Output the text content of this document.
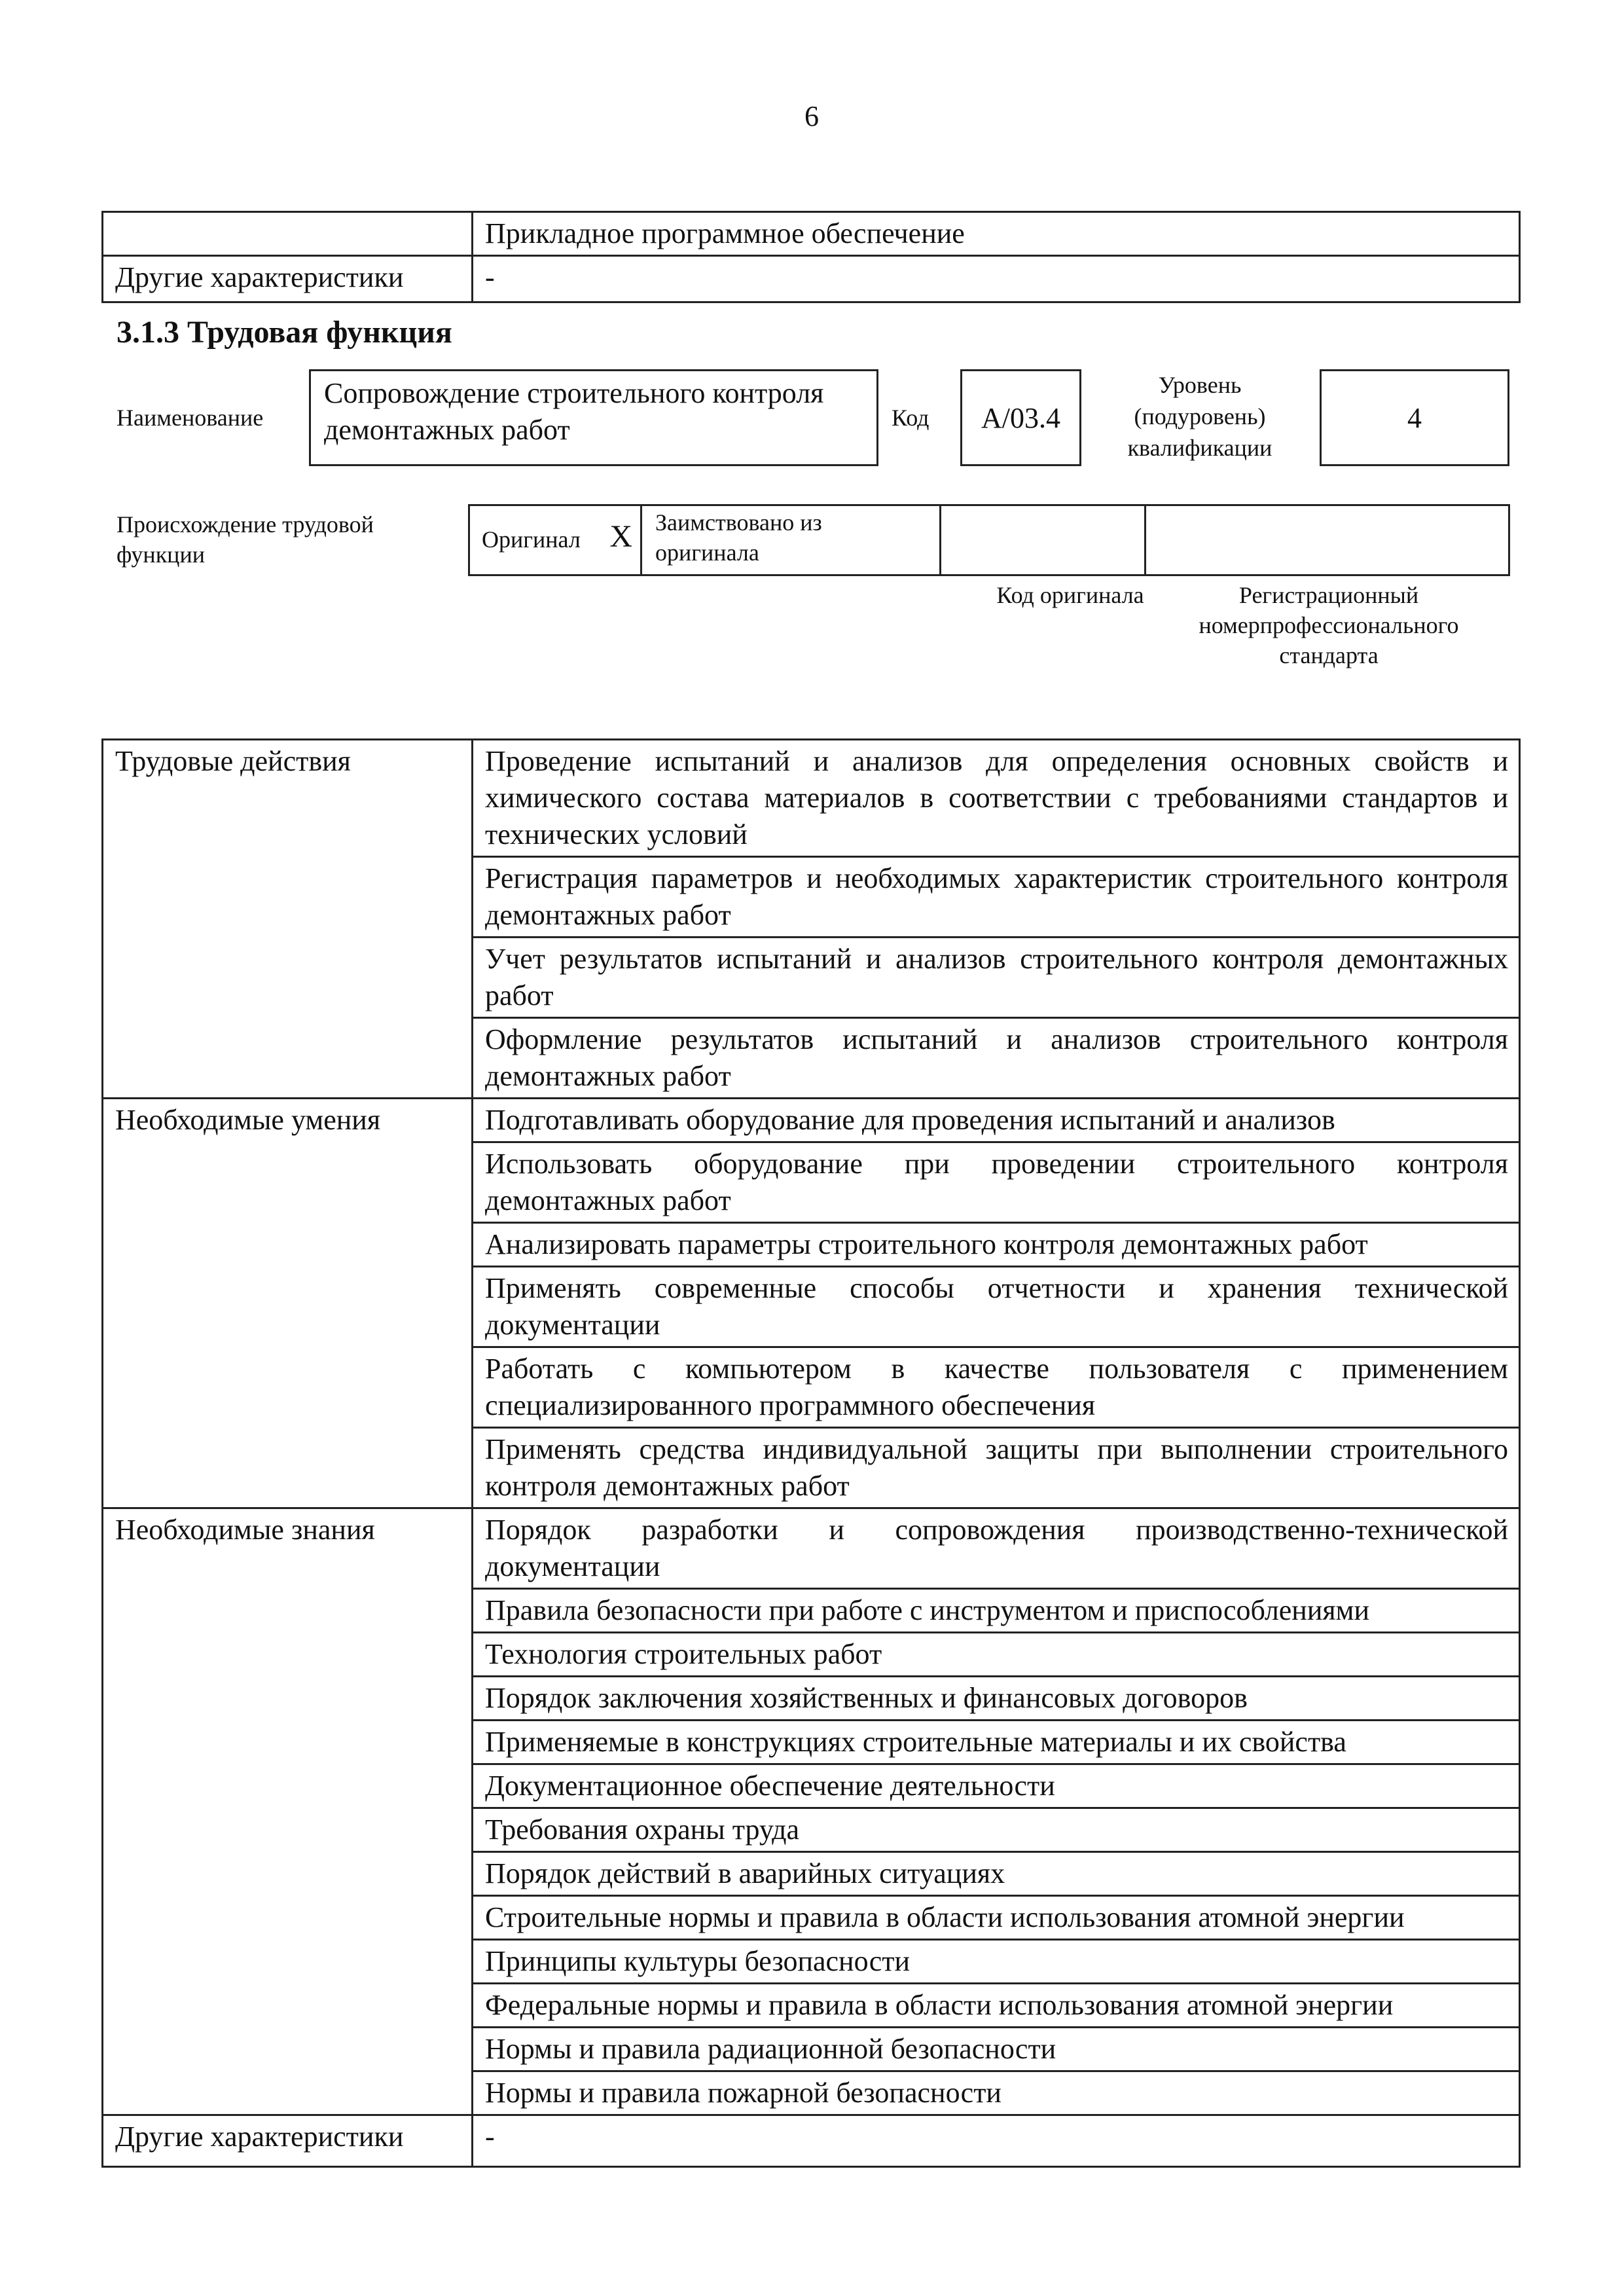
6
	Прикладное программное обеспечение
Другие характеристики	-
3.1.3 Трудовая функция
Наименование
Сопровождение строительного контроля демонтажных работ	Код	А/03.4
Уровень (подуровень) квалификации
4
Происхождение трудовой функции
Оригинал X	Заимствовано из оригинала		
Код оригинала	Регистрационный номерпрофессионального стандарта
Трудовые действия	Проведение испытаний и анализов для определения основных свойств и химического состава материалов в соответствии с требованиями стандартов и технических условий
	Регистрация параметров и необходимых характеристик строительного контроля демонтажных работ
	Учет результатов испытаний и анализов строительного контроля демонтажных работ
	Оформление результатов испытаний и анализов строительного контроля демонтажных работ
Необходимые умения	Подготавливать оборудование для проведения испытаний и анализов
	Использовать оборудование при проведении строительного контроля демонтажных работ
	Анализировать параметры строительного контроля демонтажных работ
	Применять современные способы отчетности и хранения технической документации
	Работать с компьютером в качестве пользователя с применением специализированного программного обеспечения
	Применять средства индивидуальной защиты при выполнении строительного контроля демонтажных работ
Необходимые знания	Порядок разработки и сопровождения производственно-технической документации
	Правила безопасности при работе с инструментом и приспособлениями
	Технология строительных работ
	Порядок заключения хозяйственных и финансовых договоров
	Применяемые в конструкциях строительные материалы и их свойства
	Документационное обеспечение деятельности
	Требования охраны труда
	Порядок действий в аварийных ситуациях
	Строительные нормы и правила в области использования атомной энергии
	Принципы культуры безопасности
	Федеральные нормы и правила в области использования атомной энергии
	Нормы и правила радиационной безопасности
	Нормы и правила пожарной безопасности
Другие характеристики	-
